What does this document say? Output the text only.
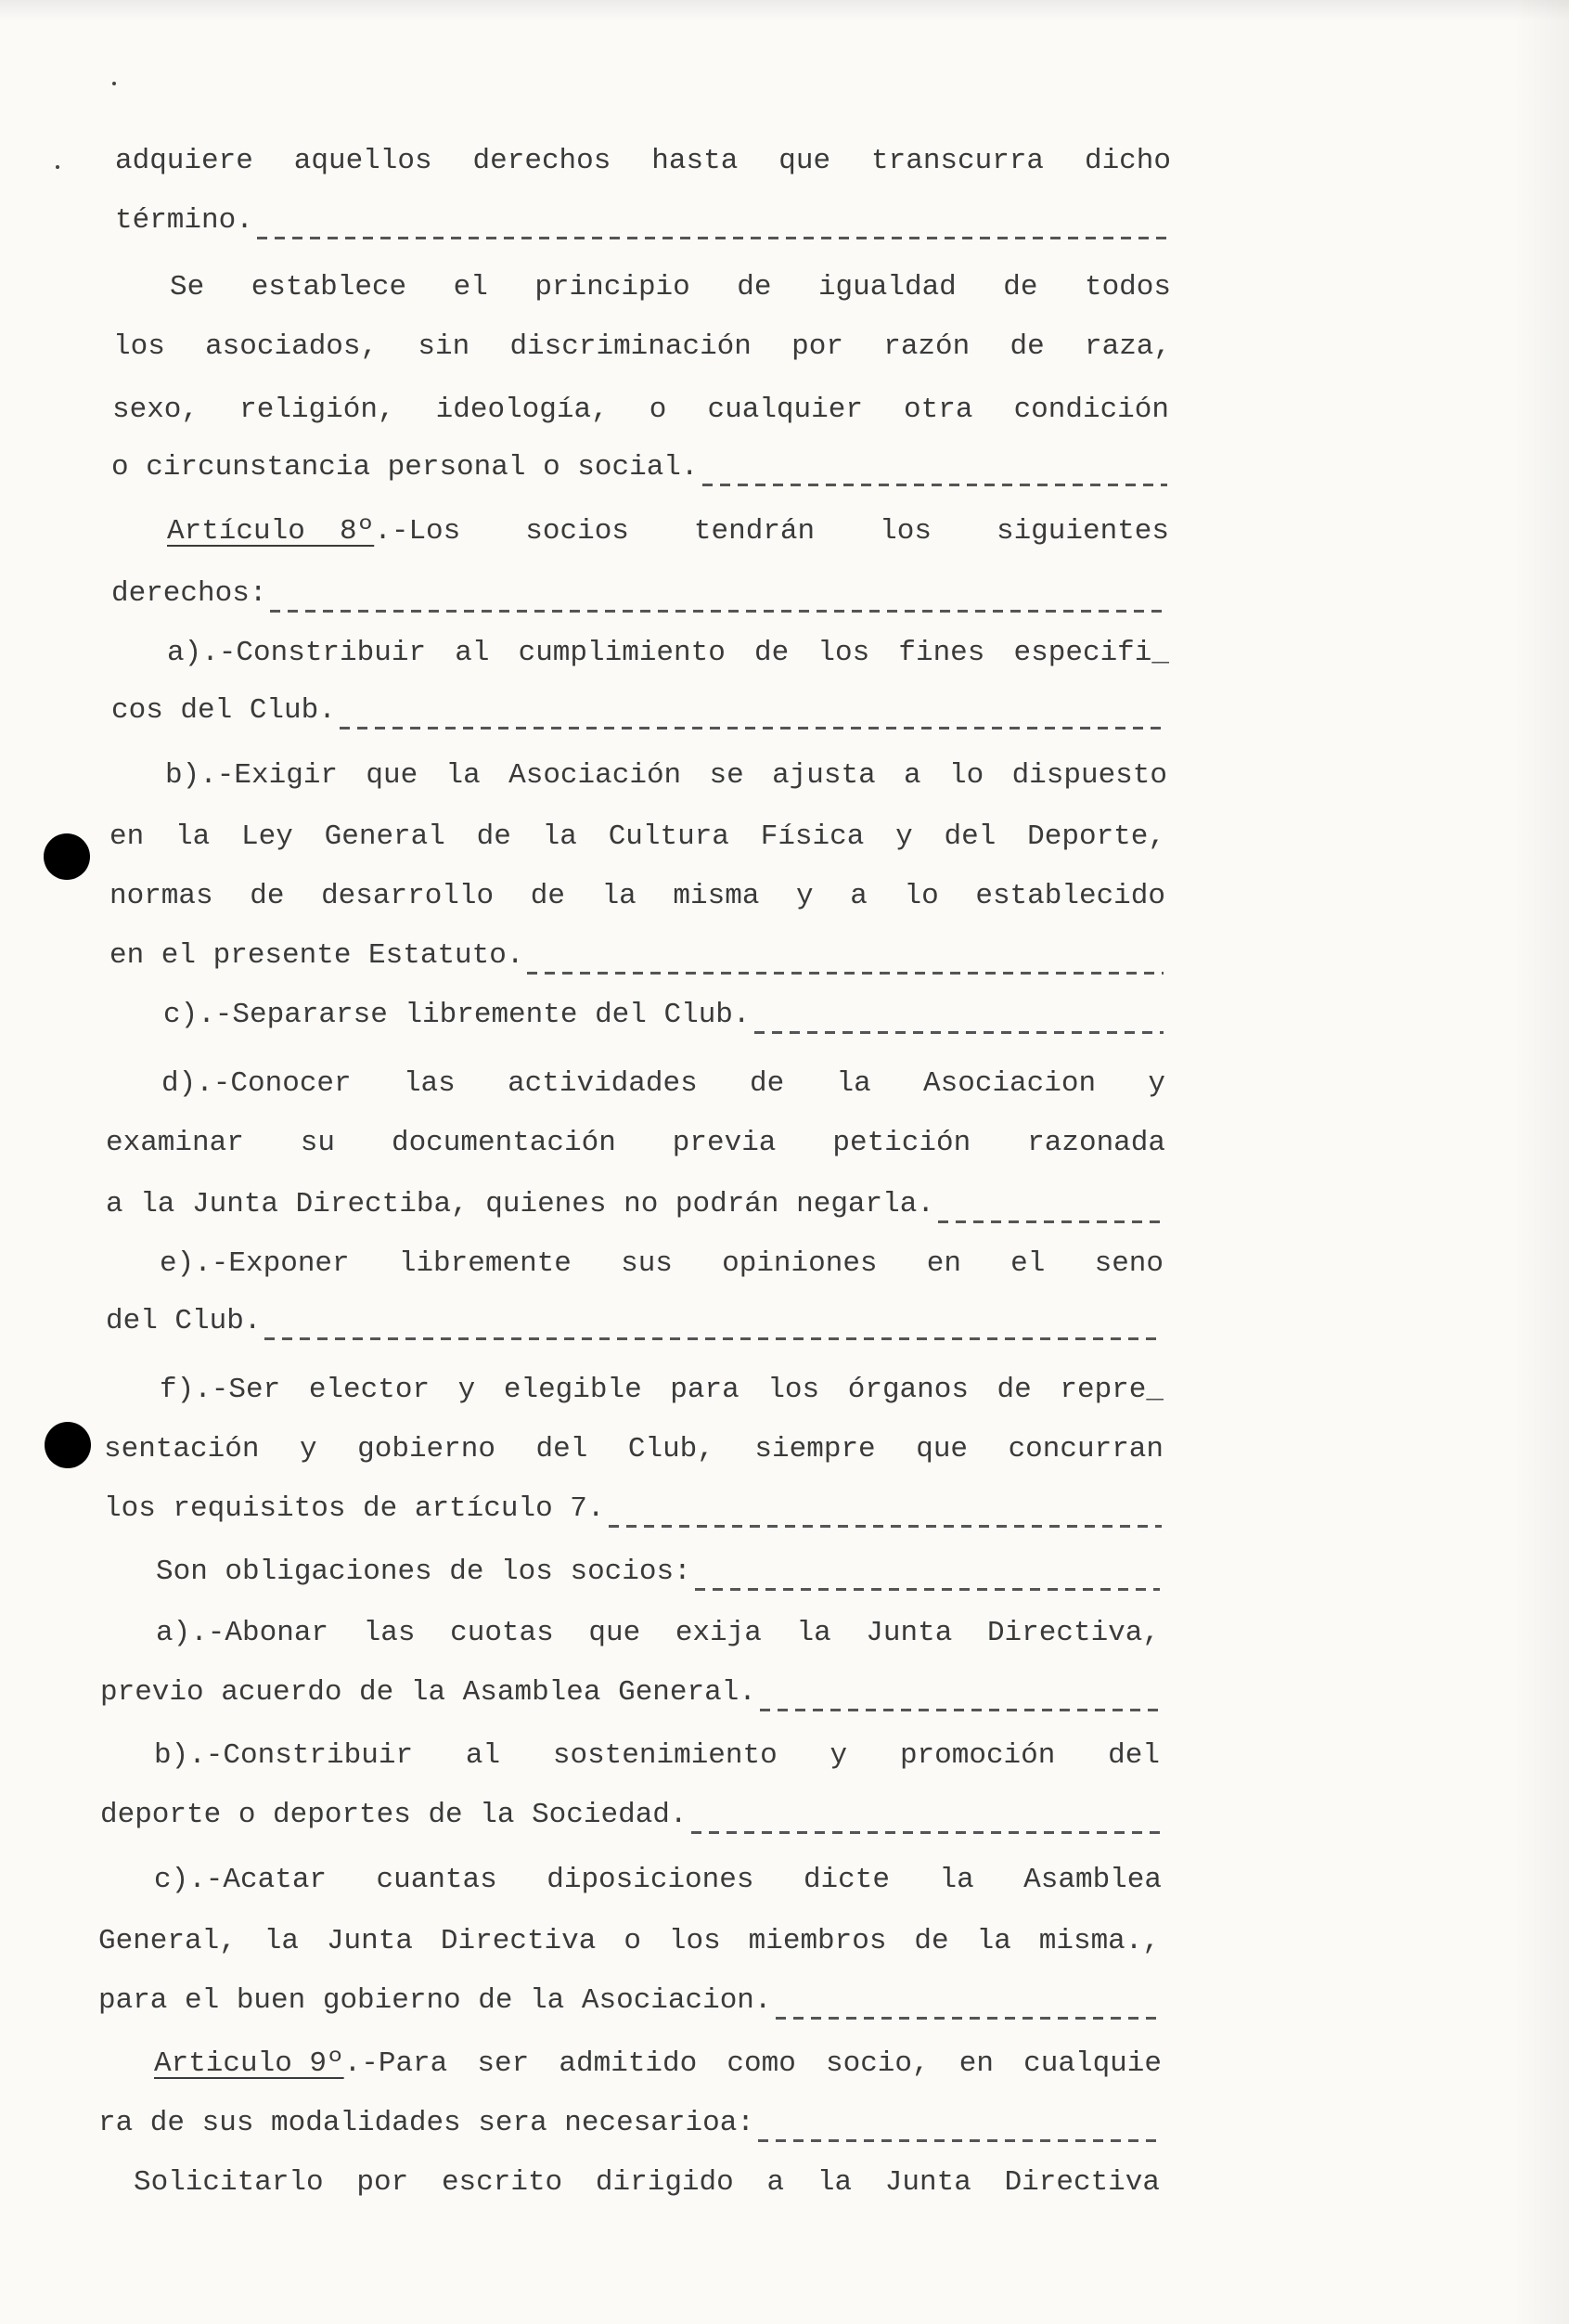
adquiere aquellos derechos hasta que transcurra dicho
término.
Se establece el principio de igualdad de todos
los asociados, sin discriminación por razón de raza,
sexo, religión, ideología, o cualquier otra condición
o circunstancia personal o social.
Artículo  8º .-Los socios tendrán los siguientes
derechos:
a).-Constribuir al cumplimiento de los fines especifi_
cos del Club.
b).-Exigir que la Asociación se ajusta a lo dispuesto
en la Ley General de la Cultura Física y del Deporte,
normas de desarrollo de la misma y a lo establecido
en el presente Estatuto.
c).-Separarse libremente del Club.
d).-Conocer las actividades de la Asociacion y
examinar su documentación previa petición razonada
a la Junta Directiba, quienes no podrán negarla.
e).-Exponer libremente sus opiniones en el seno
del Club.
f).-Ser elector y elegible para los órganos de repre_
sentación y gobierno del Club, siempre que concurran
los requisitos de artículo 7.
Son obligaciones de los socios:
a).-Abonar las cuotas que exija la Junta Directiva,
previo acuerdo de la Asamblea General.
b).-Constribuir al sostenimiento y promoción del
deporte o deportes de la Sociedad.
c).-Acatar cuantas diposiciones dicte la Asamblea
General, la Junta Directiva o los miembros de la misma.,
para el buen gobierno de la Asociacion.
Articulo 9º .-Para ser admitido como socio, en cualquie
ra de sus modalidades sera necesarioa:
Solicitarlo por escrito dirigido a la Junta Directiva
